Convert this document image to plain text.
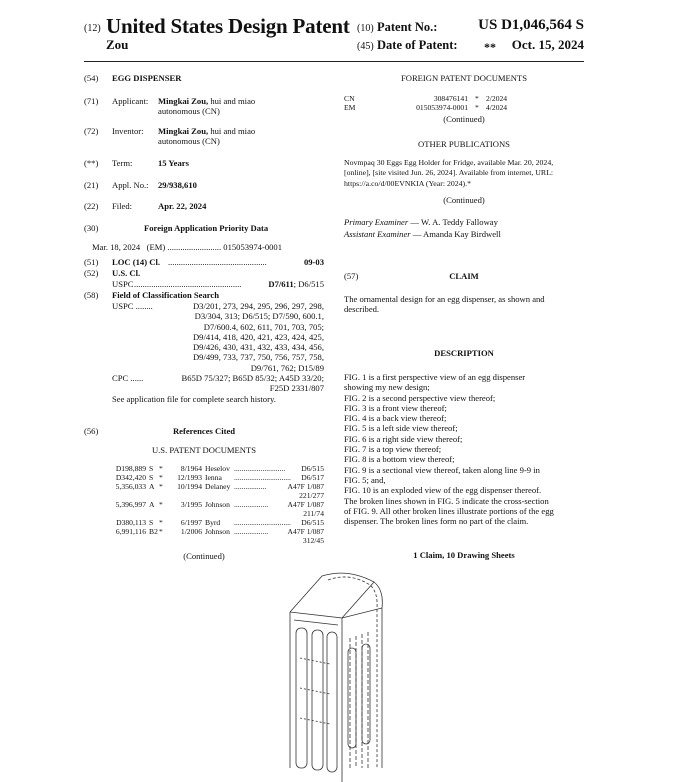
(12) United States Design Patent
Zou
(10) Patent No.:	US D1,046,564 S
(45) Date of Patent: **	Oct. 15, 2024
(54)	EGG DISPENSER
(71)	Applicant: Mingkai Zou, hui and miao
autonomous (CN)
(72)	Inventor: Mingkai Zou, hui and miao
autonomous (CN)
(**)	Term:	15 Years
(21)	Appl. No.: 29/938,610
(22)	Filed:	Apr. 22, 2024
(30)	Foreign Application Priority Data
Mar. 18, 2024   (EM) ......................... 015053974-0001
(51)	LOC (14) Cl. ..............................................	09-03
(52)	U.S. Cl.
USPC ..................................................	D7/611; D6/515
(58)	Field of Classification Search
USPC ........	D3/201, 273, 294, 295, 296, 297, 298,
D3/304, 313; D6/515; D7/590, 600.1,
D7/600.4, 602, 611, 701, 703, 705;
D9/414, 418, 420, 421, 423, 424, 425,
D9/426, 430, 431, 432, 433, 434, 456,
D9/499, 733, 737, 750, 756, 757, 758,
D9/761, 762; D15/89
CPC ......	B65D 75/327; B65D 85/32; A45D 33/20;
F25D 2331/807
See application file for complete search history.
(56)	References Cited
U.S. PATENT DOCUMENTS
D198,889 S *	8/1964 Heselov ...........................	D6/515
D342,420 S *	12/1993 Ienna ..............................	D6/517
5,356,033 A *	10/1994 Delaney .................	A47F 1/087
221/277
5,396,997 A *	3/1995 Johnson ..................	A47F 1/087
211/74
D380,113 S *	6/1997 Byrd ..............................	D6/515
6,991,116 B2 *	1/2006 Johnson ..................	A47F 1/087
312/45
(Continued)
FOREIGN PATENT DOCUMENTS
CN	308476141 * 2/2024
EM	015053974-0001 * 4/2024
(Continued)
OTHER PUBLICATIONS
Novmpaq 30 Eggs Egg Holder for Fridge, available Mar. 20, 2024,
[online], [site visited Jun. 26, 2024]. Available from internet, URL:
https://a.co/d/00EVNKIA (Year: 2024).*
(Continued)
Primary Examiner — W. A. Teddy Falloway
Assistant Examiner — Amanda Kay Birdwell
(57)	CLAIM
The ornamental design for an egg dispenser, as shown and
described.
DESCRIPTION
FIG. 1 is a first perspective view of an egg dispenser
showing my new design;
FIG. 2 is a second perspective view thereof;
FIG. 3 is a front view thereof;
FIG. 4 is a back view thereof;
FIG. 5 is a left side view thereof;
FIG. 6 is a right side view thereof;
FIG. 7 is a top view thereof;
FIG. 8 is a bottom view thereof;
FIG. 9 is a sectional view thereof, taken along line 9-9 in
FIG. 5; and,
FIG. 10 is an exploded view of the egg dispenser thereof.
The broken lines shown in FIG. 5 indicate the cross-section
of FIG. 9. All other broken lines illustrate portions of the egg
dispenser. The broken lines form no part of the claim.
1 Claim, 10 Drawing Sheets
